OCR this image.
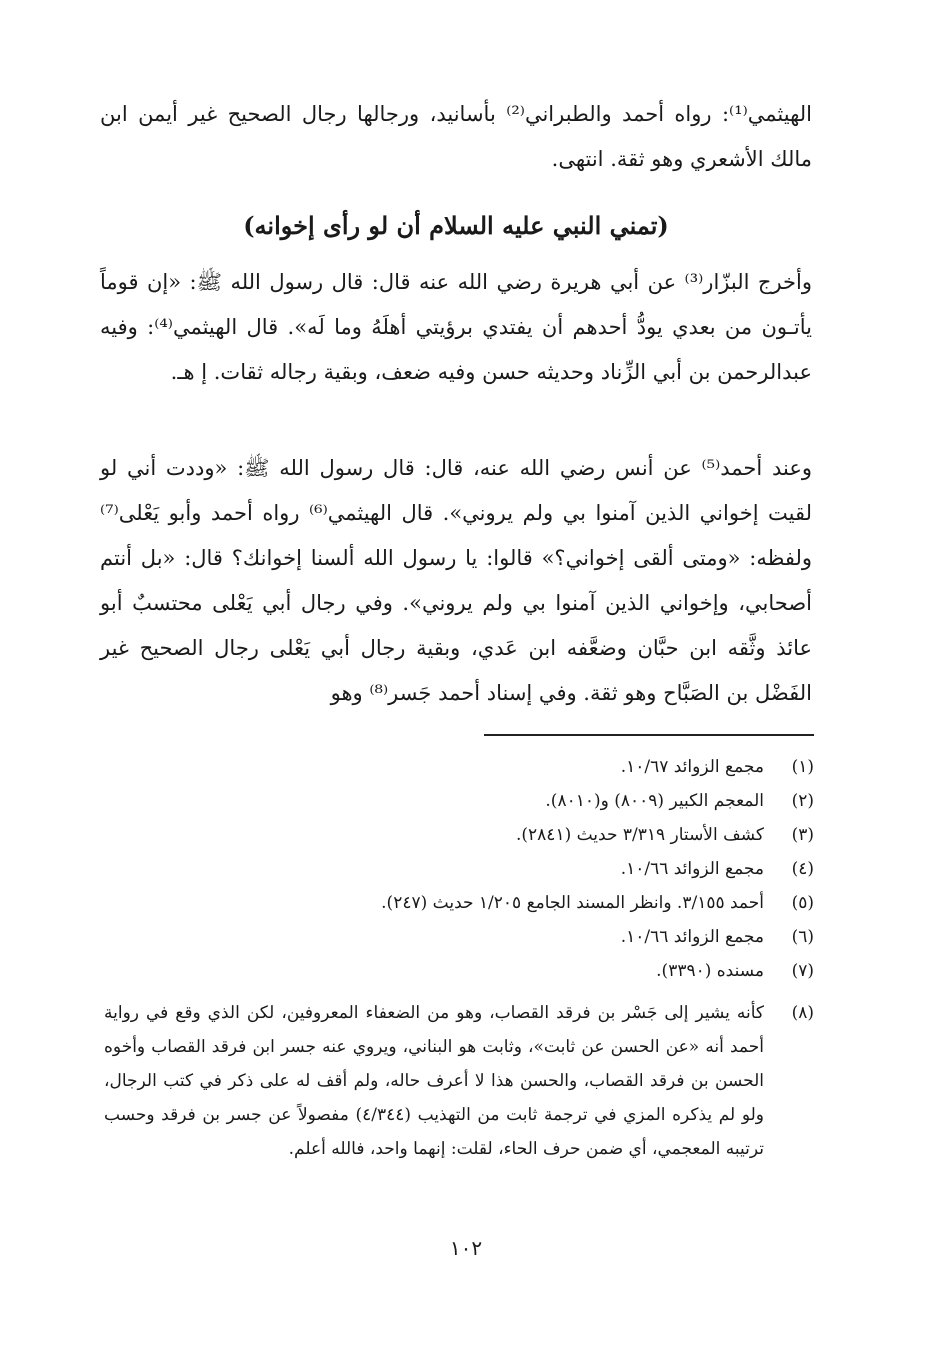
الهيثمي⁽¹⁾: رواه أحمد والطبراني⁽²⁾ بأسانيد، ورجالها رجال الصحيح غير أيمن ابن مالك الأشعري وهو ثقة. انتهى.

(تمني النبي عليه السلام أن لو رأى إخوانه)

وأخرج البزّار⁽³⁾ عن أبي هريرة رضي الله عنه قال: قال رسول الله ﷺ: «إن قوماً يأتـون من بعدي يودُّ أحدهم أن يفتدي برؤيتي أهلَهُ وما لَه». قال الهيثمي⁽⁴⁾: وفيه عبدالرحمن بن أبي الزِّناد وحديثه حسن وفيه ضعف، وبقية رجاله ثقات. إ هـ.

وعند أحمد⁽⁵⁾ عن أنس رضي الله عنه، قال: قال رسول الله ﷺ: «وددت أني لو لقيت إخواني الذين آمنوا بي ولم يروني». قال الهيثمي⁽⁶⁾ رواه أحمد وأبو يَعْلى⁽⁷⁾ ولفظه: «ومتى ألقى إخواني؟» قالوا: يا رسول الله ألسنا إخوانك؟ قال: «بل أنتم أصحابي، وإخواني الذين آمنوا بي ولم يروني». وفي رجال أبي يَعْلى محتسبٌ أبو عائذ وثَّقه ابن حبَّان وضعَّفه ابن عَدي، وبقية رجال أبي يَعْلى رجال الصحيح غير الفَضْل بن الصَبَّاح وهو ثقة. وفي إسناد أحمد جَسر⁽⁸⁾ وهو

(١)
مجمع الزوائد ١٠/٦٧.
(٢)
المعجم الكبير (٨٠٠٩) و(٨٠١٠).
(٣)
كشف الأستار ٣/٣١٩ حديث (٢٨٤١).
(٤)
مجمع الزوائد ١٠/٦٦.
(٥)
أحمد ٣/١٥٥. وانظر المسند الجامع ١/٢٠٥ حديث (٢٤٧).
(٦)
مجمع الزوائد ١٠/٦٦.
(٧)
مسنده (٣٣٩٠).
(٨)
كأنه يشير إلى جَسْر بن فرقد القصاب، وهو من الضعفاء المعروفين، لكن الذي وقع في رواية أحمد أنه «عن الحسن عن ثابت»، وثابت هو البناني، ويروي عنه جسر ابن فرقد القصاب وأخوه الحسن بن فرقد القصاب، والحسن هذا لا أعرف حاله، ولم أقف له على ذكر في كتب الرجال، ولو لم يذكره المزي في ترجمة ثابت من التهذيب (٤/٣٤٤) مفصولاً عن جسر بن فرقد وحسب ترتيبه المعجمي، أي ضمن حرف الحاء، لقلت: إنهما واحد، فالله أعلم.
١٠٢
